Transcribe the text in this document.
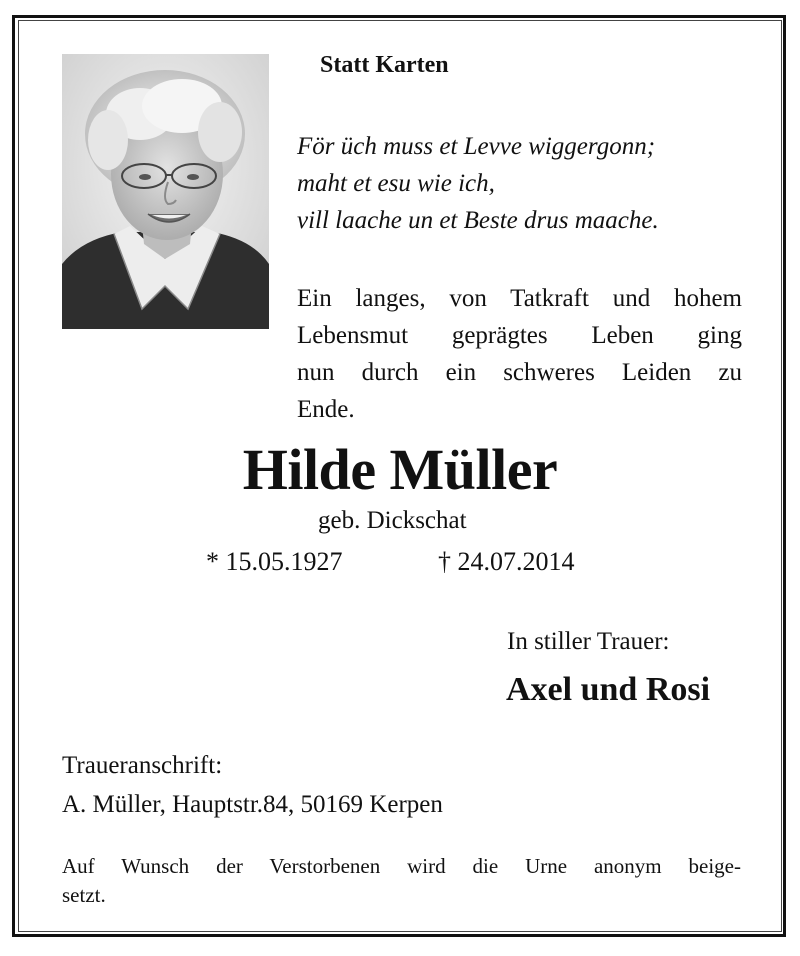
Statt Karten

För üch muss et Levve wiggergonn;
maht et esu wie ich,
vill laache un et Beste drus maache.
Ein langes, von Tatkraft und hohem
Lebensmut geprägtes Leben ging
nun durch ein schweres Leiden zu
Ende.

Hilde Müller

geb. Dickschat

* 15.05.1927	† 24.07.2014

In stiller Trauer:

Axel und Rosi

Traueranschrift:

A. Müller, Hauptstr.84, 50169 Kerpen

Auf Wunsch der Verstorbenen wird die Urne anonym beige-
setzt.
